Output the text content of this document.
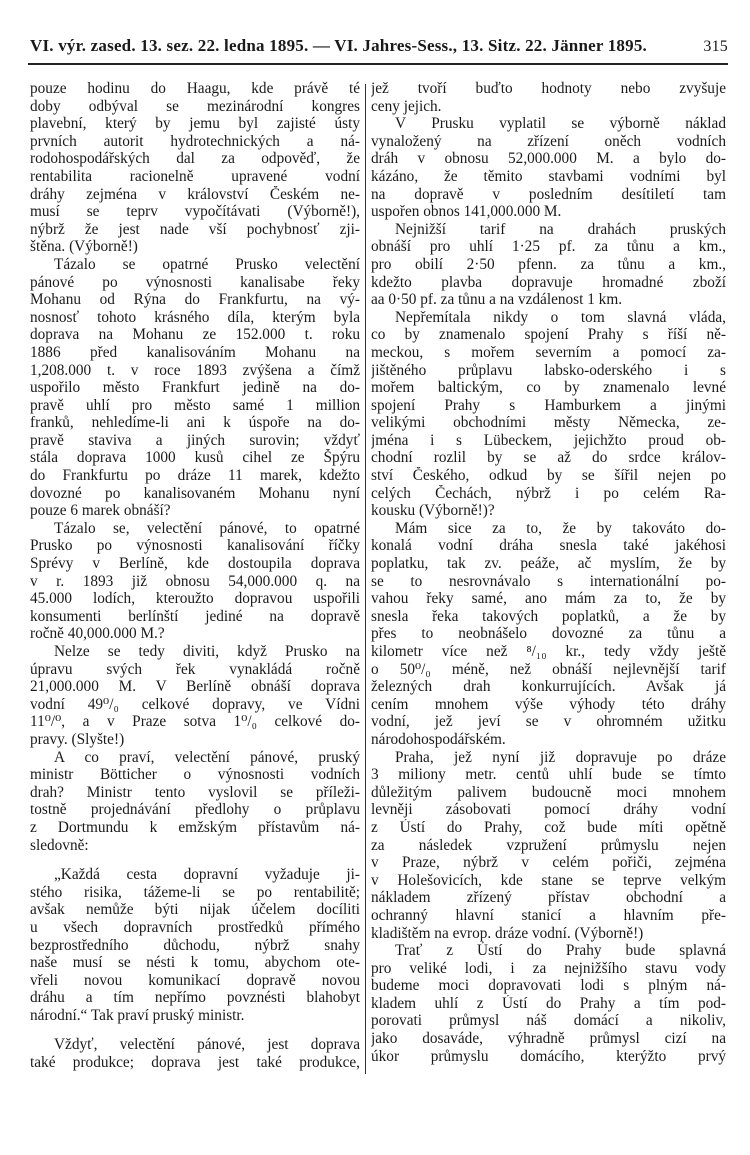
VI. výr. zased. 13. sez. 22. ledna 1895. — VI. Jahres-Sess., 13. Sitz. 22. Jänner 1895.	315
pouze hodinu do Haagu, kde právě té
doby odbýval se mezinárodní kongres
plavební, který by jemu byl zajisté ústy
prvních autorit hydrotechnických a ná-
rodohospodářských dal za odpověď, že
rentabilita racionelně upravené vodní
dráhy zejména v království Českém ne-
musí se teprv vypočítávati (Výborně!),
nýbrž že jest nade vší pochybnosť zji-
štěna. (Výborně!)
Tázalo se opatrné Prusko velectění
pánové po výnosnosti kanalisabe řeky
Mohanu od Rýna do Frankfurtu, na vý-
nosnosť tohoto krásného díla, kterým byla
doprava na Mohanu ze 152.000 t. roku
1886 před kanalisováním Mohanu na
1,208.000 t. v roce 1893 zvýšena a čímž
uspořilo město Frankfurt jedině na do-
pravě uhlí pro město samé 1 million
franků, nehledíme-li ani k úspoře na do-
pravě staviva a jiných surovin; vždyť
stála doprava 1000 kusů cihel ze Špýru
do Frankfurtu po dráze 11 marek, kdežto
dovozné po kanalisovaném Mohanu nyní
pouze 6 marek obnáší?
Tázalo se, velectění pánové, to opatrné
Prusko po výnosnosti kanalisování říčky
Sprévy v Berlíně, kde dostoupila doprava
v r. 1893 již obnosu 54,000.000 q. na
45.000 lodích, kteroužto dopravou uspořili
konsumenti berlínští jediné na dopravě
ročně 40,000.000 M.?
Nelze se tedy diviti, když Prusko na
úpravu svých řek vynakládá ročně
21,000.000 M. V Berlíně obnáší doprava
vodní 49⁰/₀ celkové dopravy, ve Vídni
11⁰/⁰, a v Praze sotva 1⁰/₀ celkové do-
pravy. (Slyšte!)
A co praví, velectění pánové, pruský
ministr Bötticher o výnosnosti vodních
drah? Ministr tento vyslovil se příleži-
tostně projednávání předlohy o průplavu
z Dortmundu k emžským přístavům ná-
sledovně:
„Každá cesta dopravní vyžaduje ji-
stého risika, tážeme-li se po rentabilitě;
avšak nemůže býti nijak účelem docíliti
u všech dopravních prostředků přímého
bezprostředního důchodu, nýbrž snahy
naše musí se nésti k tomu, abychom ote-
vřeli novou komunikací dopravě novou
dráhu a tím nepřímo povznésti blahobyt
národní.“ Tak praví pruský ministr.
Vždyť, velectění pánové, jest doprava
také produkce; doprava jest také produkce,
jež tvoří buďto hodnoty nebo zvyšuje
ceny jejich.
V Prusku vyplatil se výborně náklad
vynaložený na zřízení oněch vodních
dráh v obnosu 52,000.000 M. a bylo do-
kázáno, že těmito stavbami vodními byl
na dopravě v posledním desítiletí tam
uspořen obnos 141,000.000 M.
Nejnižší tarif na drahách pruských
obnáší pro uhlí 1·25 pf. za tůnu a km.,
pro obilí 2·50 pfenn. za tůnu a km.,
kdežto plavba dopravuje hromadné zboží
aa 0·50 pf. za tůnu a na vzdálenost 1 km.
Nepřemítala nikdy o tom slavná vláda,
co by znamenalo spojení Prahy s říší ně-
meckou, s mořem severním a pomocí za-
jištěného průplavu labsko-oderského i s
mořem baltickým, co by znamenalo levné
spojení Prahy s Hamburkem a jinými
velikými obchodními městy Německa, ze-
jména i s Lübeckem, jejichžto proud ob-
chodní rozlil by se až do srdce králov-
ství Českého, odkud by se šířil nejen po
celých Čechách, nýbrž i po celém Ra-
kousku (Výborně!)?
Mám sice za to, že by takováto do-
konalá vodní dráha snesla také jakéhosi
poplatku, tak zv. peáže, ač myslím, že by
se to nesrovnávalo s internationální po-
vahou řeky samé, ano mám za to, že by
snesla řeka takových poplatků, a že by
přes to neobnášelo dovozné za tůnu a
kilometr více než ⁸/₁₀ kr., tedy vždy ještě
o 50⁰/₀ méně, než obnáší nejlevnější tarif
železných drah konkurrujících. Avšak já
cením mnohem výše výhody této dráhy
vodní, jež jeví se v ohromném užitku
národohospodářském.
Praha, jež nyní již dopravuje po dráze
3 miliony metr. centů uhlí bude se tímto
důležitým palivem budoucně moci mnohem
levněji zásobovati pomocí dráhy vodní
z Ústí do Prahy, což bude míti opětně
za následek vzpružení průmyslu nejen
v Praze, nýbrž v celém pořiči, zejména
v Holešovicích, kde stane se teprve velkým
nákladem zřízený přístav obchodní a
ochranný hlavní stanicí a hlavním pře-
kladištěm na evrop. dráze vodní. (Výborně!)
Trať z Ústí do Prahy bude splavná
pro veliké lodi, i za nejnižšího stavu vody
budeme moci dopravovati lodi s plným ná-
kladem uhlí z Ústí do Prahy a tím pod-
porovati průmysl náš domácí a nikoliv,
jako dosaváde, výhradně průmysl cizí na
úkor průmyslu domácího, kterýžto prvý
